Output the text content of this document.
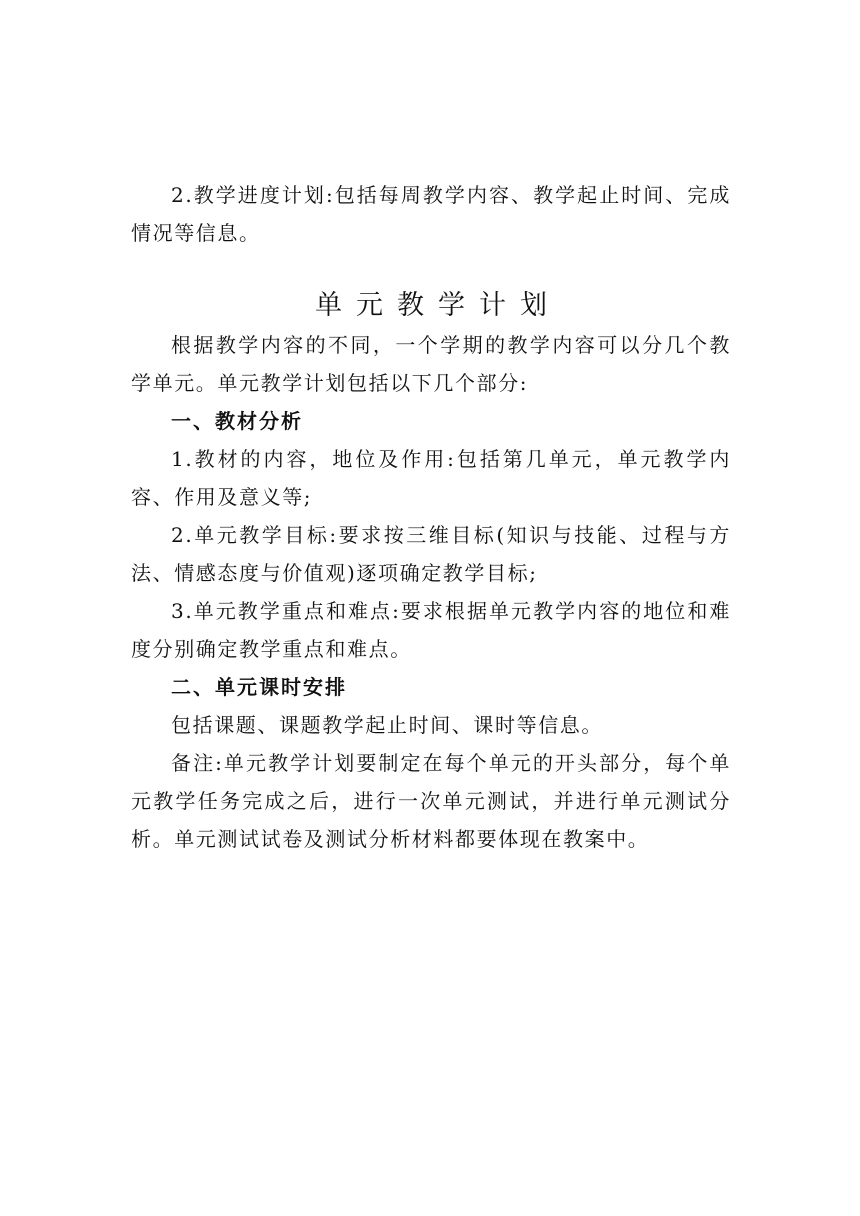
2.教学进度计划:包括每周教学内容、教学起止时间、完成情况等信息。

单元教学计划

根据教学内容的不同，一个学期的教学内容可以分几个教学单元。单元教学计划包括以下几个部分:

一、教材分析

1.教材的内容，地位及作用:包括第几单元，单元教学内容、作用及意义等;

2.单元教学目标:要求按三维目标(知识与技能、过程与方法、情感态度与价值观)逐项确定教学目标;

3.单元教学重点和难点:要求根据单元教学内容的地位和难度分别确定教学重点和难点。

二、单元课时安排

包括课题、课题教学起止时间、课时等信息。

备注:单元教学计划要制定在每个单元的开头部分，每个单元教学任务完成之后，进行一次单元测试，并进行单元测试分析。单元测试试卷及测试分析材料都要体现在教案中。
